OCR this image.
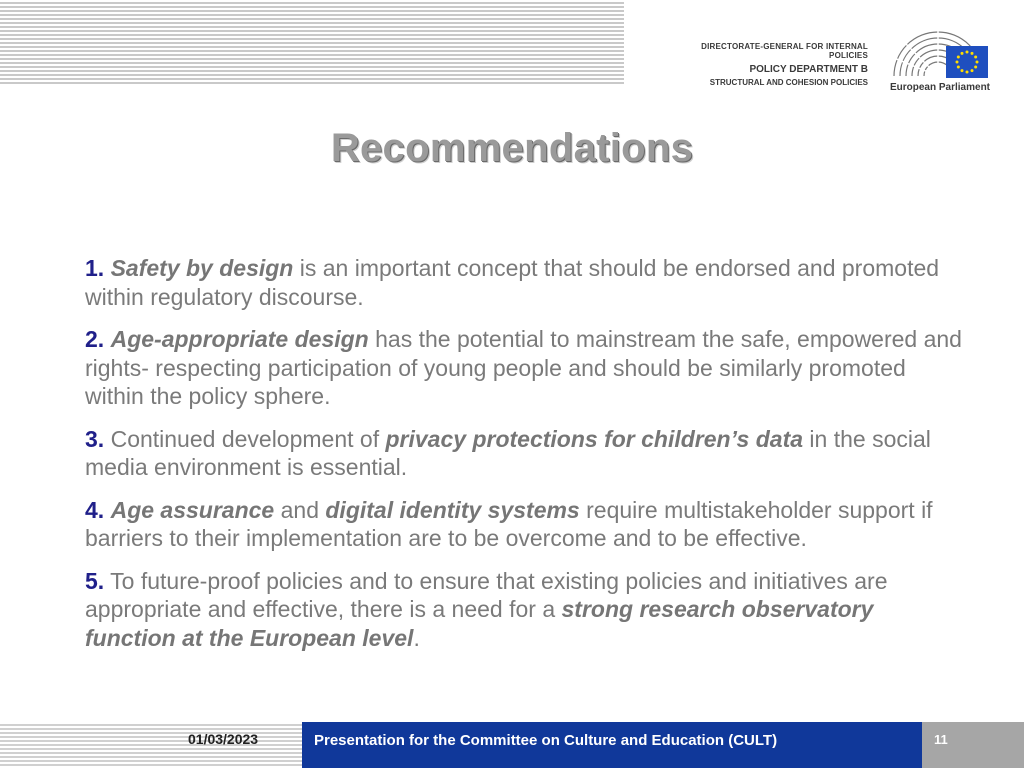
DIRECTORATE-GENERAL FOR INTERNAL POLICIES
POLICY DEPARTMENT B
STRUCTURAL AND COHESION POLICIES European Parliament
Recommendations
1. Safety by design is an important concept that should be endorsed and promoted within regulatory discourse.
2. Age-appropriate design has the potential to mainstream the safe, empowered and rights- respecting participation of young people and should be similarly promoted within the policy sphere.
3. Continued development of privacy protections for children’s data in the social media environment is essential.
4. Age assurance and digital identity systems require multistakeholder support if barriers to their implementation are to be overcome and to be effective.
5. To future-proof policies and to ensure that existing policies and initiatives are appropriate and effective, there is a need for a strong research observatory function at the European level.
01/03/2023	Presentation for the Committee on Culture and Education (CULT)	11
